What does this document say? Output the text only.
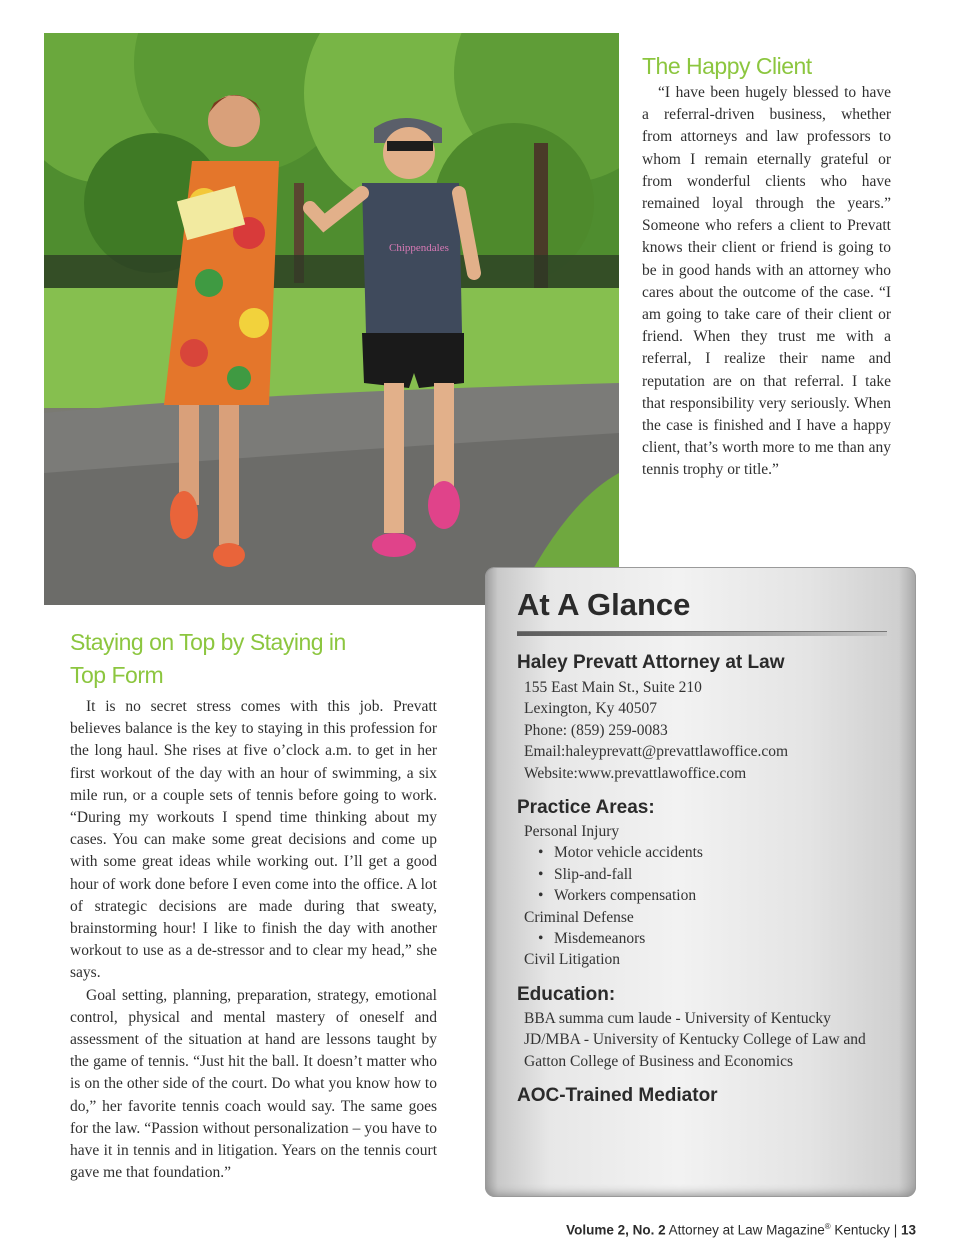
Chippendales
The Happy Client

“I have been hugely blessed to have a referral-driven business, whether from attorneys and law professors to whom I remain eternally grateful or from wonderful clients who have remained loyal through the years.” Someone who refers a client to Prevatt knows their client or friend is going to be in good hands with an attorney who cares about the outcome of the case. “I am going to take care of their client or friend. When they trust me with a referral, I realize their name and reputation are on that referral. I take that responsibility very seriously. When the case is finished and I have a happy client, that’s worth more to me than any tennis trophy or title.”

Staying on Top by Staying in
Top Form

It is no secret stress comes with this job. Prevatt believes balance is the key to staying in this profession for the long haul. She rises at five o’clock a.m. to get in her first workout of the day with an hour of swimming, a six mile run, or a couple sets of tennis before going to work. “During my workouts I spend time thinking about my cases. You can make some great decisions and come up with some great ideas while working out. I’ll get a good hour of work done before I even come into the office. A lot of strategic decisions are made during that sweaty, brainstorming hour! I like to finish the day with another workout to use as a de-stressor and to clear my head,” she says.

Goal setting, planning, preparation, strategy, emotional control, physical and mental mastery of oneself and assessment of the situation at hand are lessons taught by the game of tennis. “Just hit the ball. It doesn’t matter who is on the other side of the court. Do what you know how to do,” her favorite tennis coach would say. The same goes for the law. “Passion without personalization – you have to have it in tennis and in litigation. Years on the tennis court gave me that foundation.”

At A Glance
Haley Prevatt Attorney at Law
155 East Main St., Suite 210
Lexington, Ky 40507
Phone: (859) 259-0083
Email:haleyprevatt@prevattlawoffice.com
Website:www.prevattlawoffice.com
Practice Areas:
Personal Injury
• Motor vehicle accidents
• Slip-and-fall
• Workers compensation
Criminal Defense
• Misdemeanors
Civil Litigation
Education:
BBA summa cum laude - University of Kentucky
JD/MBA - University of Kentucky College of Law and
Gatton College of Business and Economics
AOC-Trained Mediator
Volume 2, No. 2 Attorney at Law Magazine® Kentucky | 13
